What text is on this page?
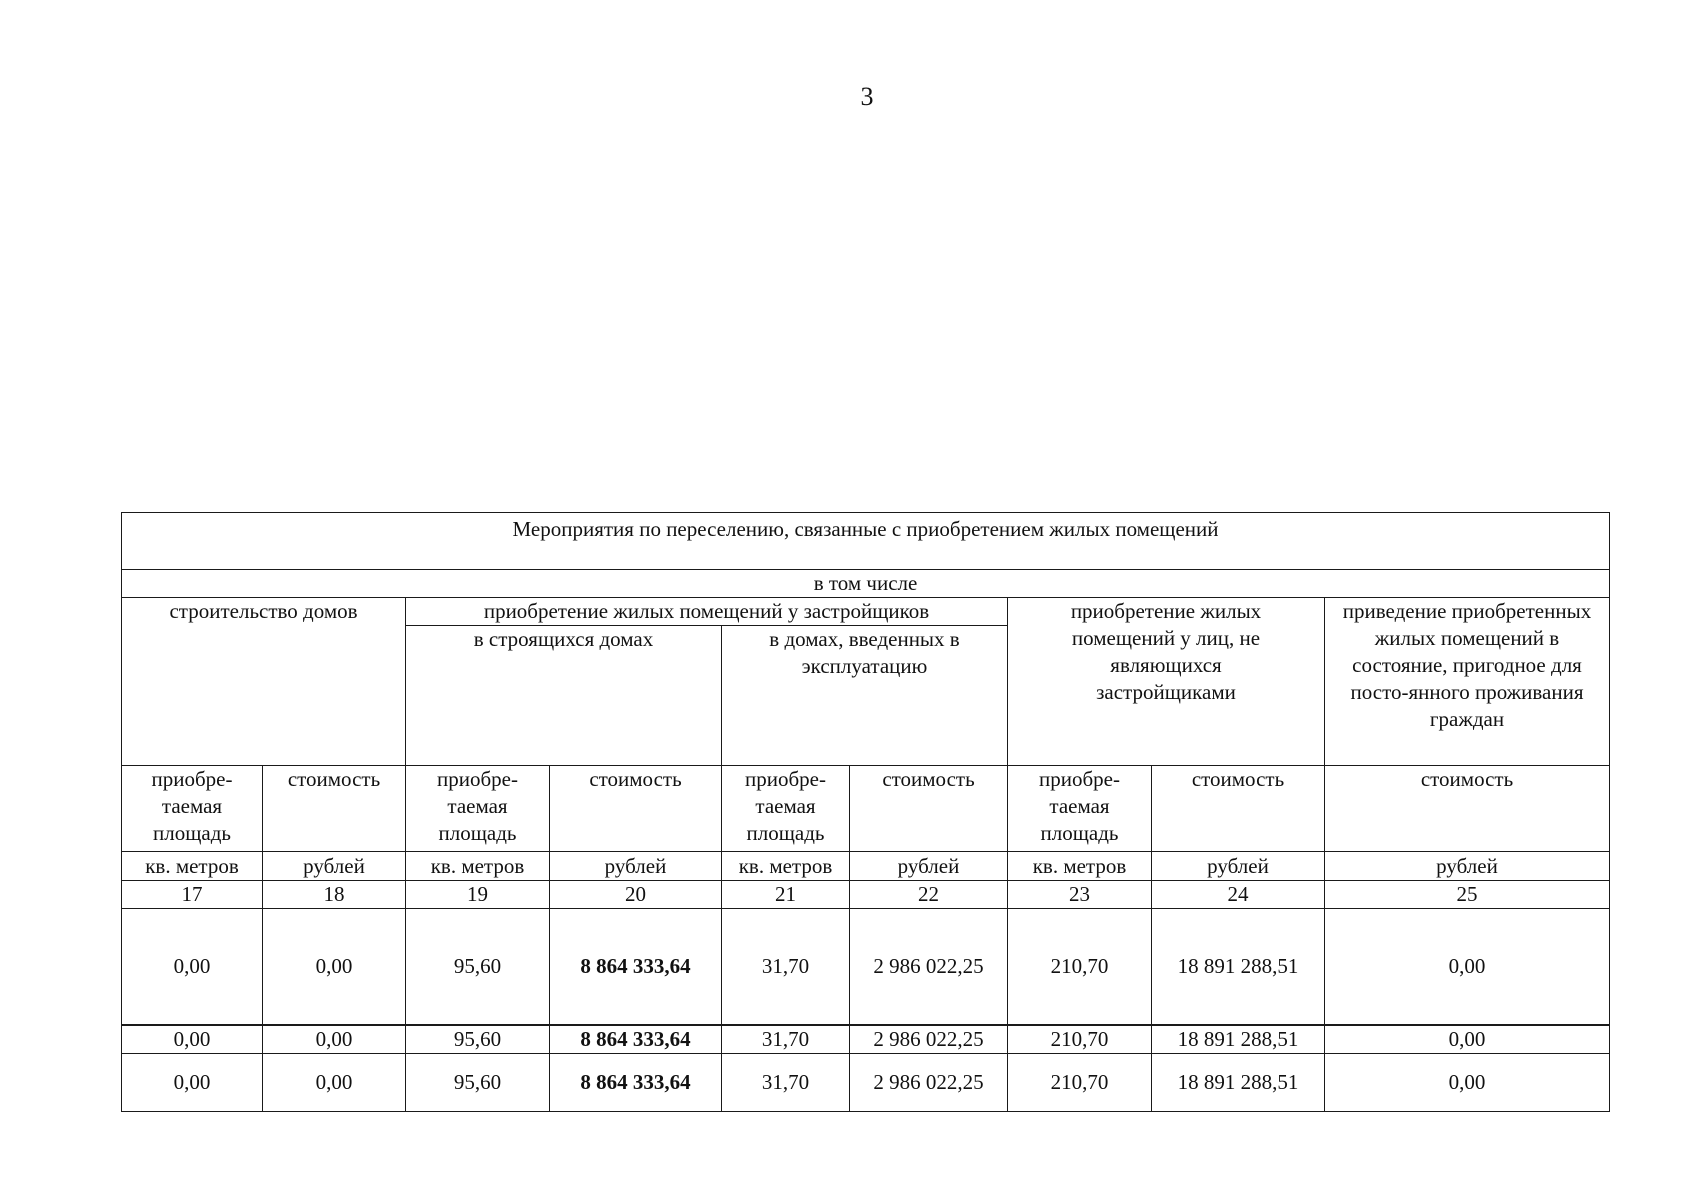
3
Мероприятия по переселению, связанные с приобретением жилых помещений								
в том числе								
строительство домов		приобретение жилых помещений у застройщиков				приобретение жилых помещений у лиц, не являющихся застройщиками		приведение приобретенных жилых помещений в состояние, пригодное для посто-янного проживания граждан
		в строящихся домах		в домах, введенных в эксплуатацию				

приобре-таемая площадь	стоимость	приобре-таемая площадь	стоимость	приобре-таемая площадь	стоимость	приобре-таемая площадь	стоимость	стоимость
кв. метров	рублей	кв. метров	рублей	кв. метров	рублей	кв. метров	рублей	рублей
17	18	19	20	21	22	23	24	25
0,00	0,00	95,60	8 864 333,64	31,70	2 986 022,25	210,70	18 891 288,51	0,00
0,00	0,00	95,60	8 864 333,64	31,70	2 986 022,25	210,70	18 891 288,51	0,00
0,00	0,00	95,60	8 864 333,64	31,70	2 986 022,25	210,70	18 891 288,51	0,00
